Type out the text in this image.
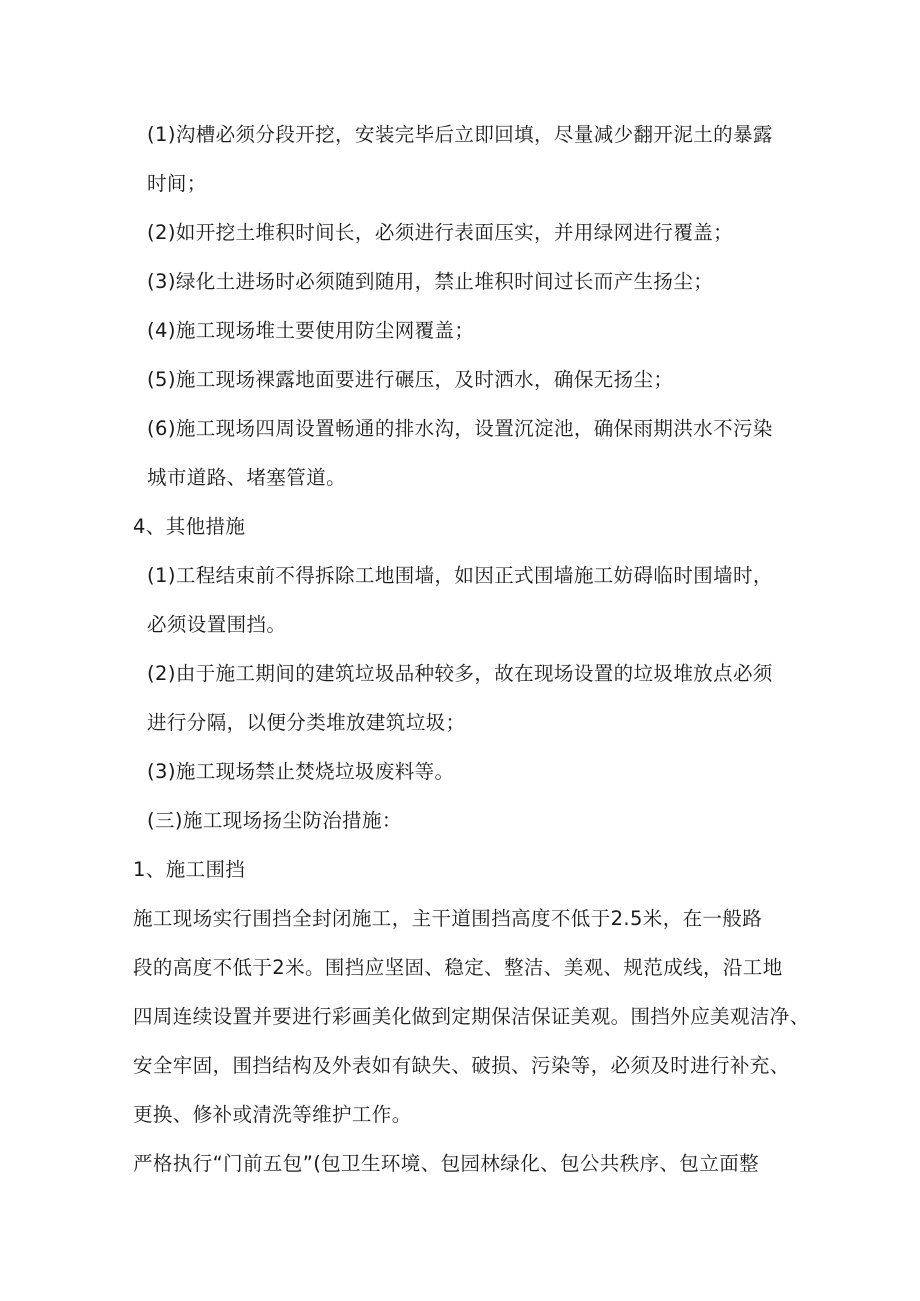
(1)沟槽必须分段开挖，安装完毕后立即回填，尽量减少翻开泥土的暴露
时间；

(2)如开挖土堆积时间长，必须进行表面压实，并用绿网进行覆盖；

(3)绿化土进场时必须随到随用，禁止堆积时间过长而产生扬尘；

(4)施工现场堆土要使用防尘网覆盖；

(5)施工现场裸露地面要进行碾压，及时洒水，确保无扬尘；

(6)施工现场四周设置畅通的排水沟，设置沉淀池，确保雨期洪水不污染
城市道路、堵塞管道。

4、其他措施

(1)工程结束前不得拆除工地围墙，如因正式围墙施工妨碍临时围墙时，
必须设置围挡。

(2)由于施工期间的建筑垃圾品种较多，故在现场设置的垃圾堆放点必须
进行分隔，以便分类堆放建筑垃圾；

(3)施工现场禁止焚烧垃圾废料等。

(三)施工现场扬尘防治措施：

1、施工围挡

施工现场实行围挡全封闭施工，主干道围挡高度不低于2.5米，在一般路
段的高度不低于2米。围挡应坚固、稳定、整洁、美观、规范成线，沿工地
四周连续设置并要进行彩画美化做到定期保洁保证美观。围挡外应美观洁净、
安全牢固，围挡结构及外表如有缺失、破损、污染等，必须及时进行补充、
更换、修补或清洗等维护工作。

严格执行“门前五包”(包卫生环境、包园林绿化、包公共秩序、包立面整
